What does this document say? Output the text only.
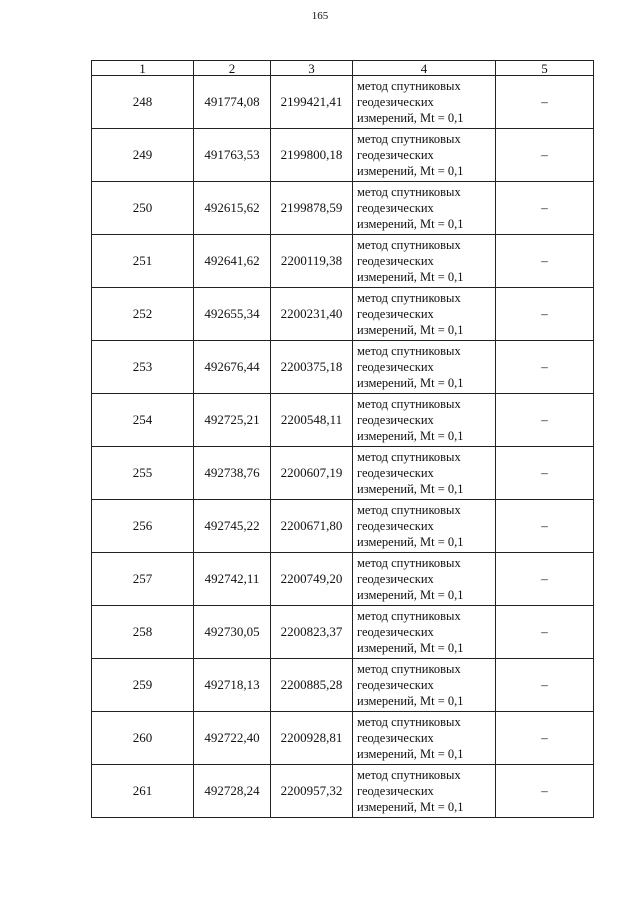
165
1	2	3	4	5
248	491774,08	2199421,41	метод спутниковых
геодезических
измерений, Mt = 0,1	–
249	491763,53	2199800,18	метод спутниковых
геодезических
измерений, Mt = 0,1	–
250	492615,62	2199878,59	метод спутниковых
геодезических
измерений, Mt = 0,1	–
251	492641,62	2200119,38	метод спутниковых
геодезических
измерений, Mt = 0,1	–
252	492655,34	2200231,40	метод спутниковых
геодезических
измерений, Mt = 0,1	–
253	492676,44	2200375,18	метод спутниковых
геодезических
измерений, Mt = 0,1	–
254	492725,21	2200548,11	метод спутниковых
геодезических
измерений, Mt = 0,1	–
255	492738,76	2200607,19	метод спутниковых
геодезических
измерений, Mt = 0,1	–
256	492745,22	2200671,80	метод спутниковых
геодезических
измерений, Mt = 0,1	–
257	492742,11	2200749,20	метод спутниковых
геодезических
измерений, Mt = 0,1	–
258	492730,05	2200823,37	метод спутниковых
геодезических
измерений, Mt = 0,1	–
259	492718,13	2200885,28	метод спутниковых
геодезических
измерений, Mt = 0,1	–
260	492722,40	2200928,81	метод спутниковых
геодезических
измерений, Mt = 0,1	–
261	492728,24	2200957,32	метод спутниковых
геодезических
измерений, Mt = 0,1	–
